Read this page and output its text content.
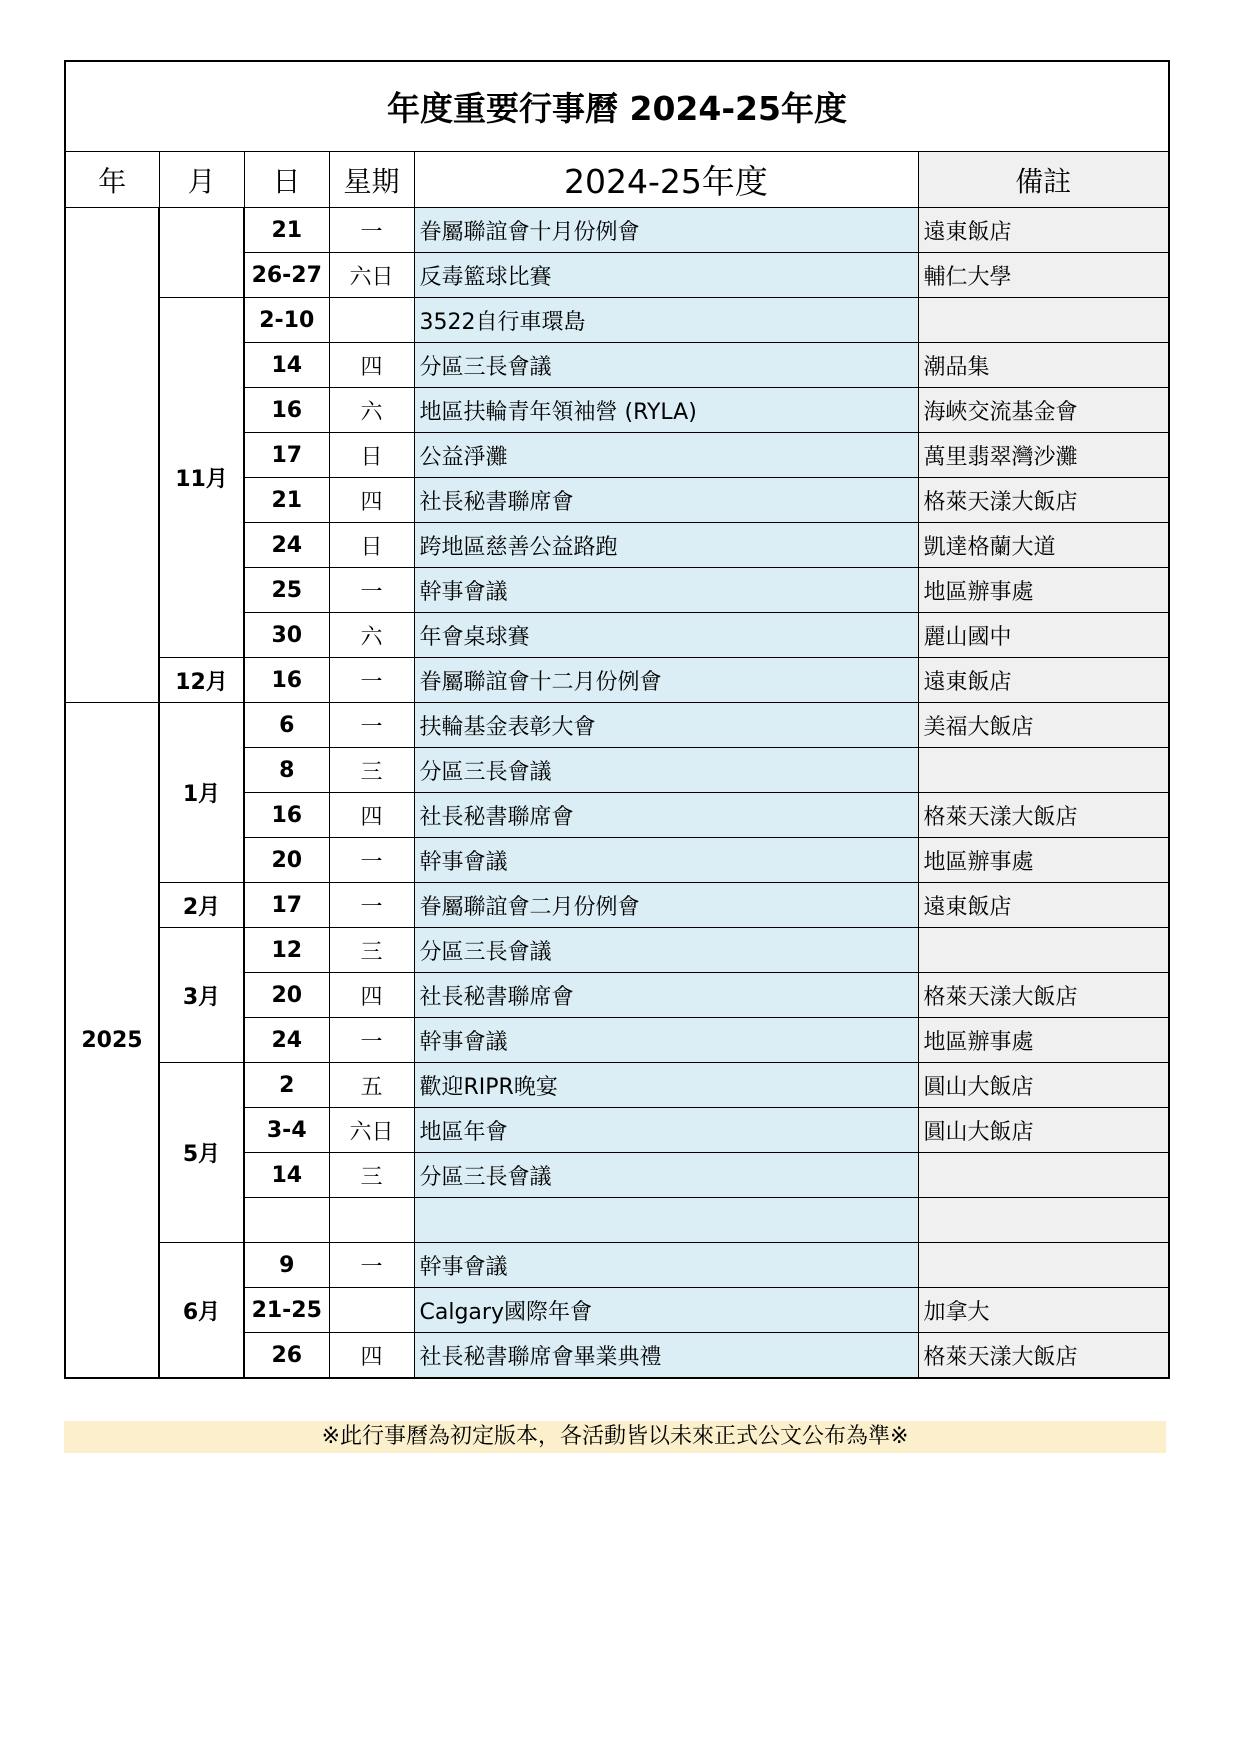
年度重要行事曆 2024-25年度					
年	月	日	星期	2024-25年度	備註
		21	一	眷屬聯誼會十月份例會	遠東飯店
		26-27	六日	反毒籃球比賽	輔仁大學
	11月	2-10		3522自行車環島	
		14	四	分區三長會議	潮品集
		16	六	地區扶輪青年領袖營 (RYLA)	海峽交流基金會
		17	日	公益淨灘	萬里翡翠灣沙灘
		21	四	社長秘書聯席會	格萊天漾大飯店
		24	日	跨地區慈善公益路跑	凱達格蘭大道
		25	一	幹事會議	地區辦事處
		30	六	年會桌球賽	麗山國中
	12月	16	一	眷屬聯誼會十二月份例會	遠東飯店
2025	1月	6	一	扶輪基金表彰大會	美福大飯店
		8	三	分區三長會議	
		16	四	社長秘書聯席會	格萊天漾大飯店
		20	一	幹事會議	地區辦事處
	2月	17	一	眷屬聯誼會二月份例會	遠東飯店
	3月	12	三	分區三長會議	
		20	四	社長秘書聯席會	格萊天漾大飯店
		24	一	幹事會議	地區辦事處
	5月	2	五	歡迎RIPR晚宴	圓山大飯店
		3-4	六日	地區年會	圓山大飯店
		14	三	分區三長會議	

	6月	9	一	幹事會議	
		21-25		Calgary國際年會	加拿大
		26	四	社長秘書聯席會畢業典禮	格萊天漾大飯店
※此行事曆為初定版本，各活動皆以未來正式公文公布為準※
